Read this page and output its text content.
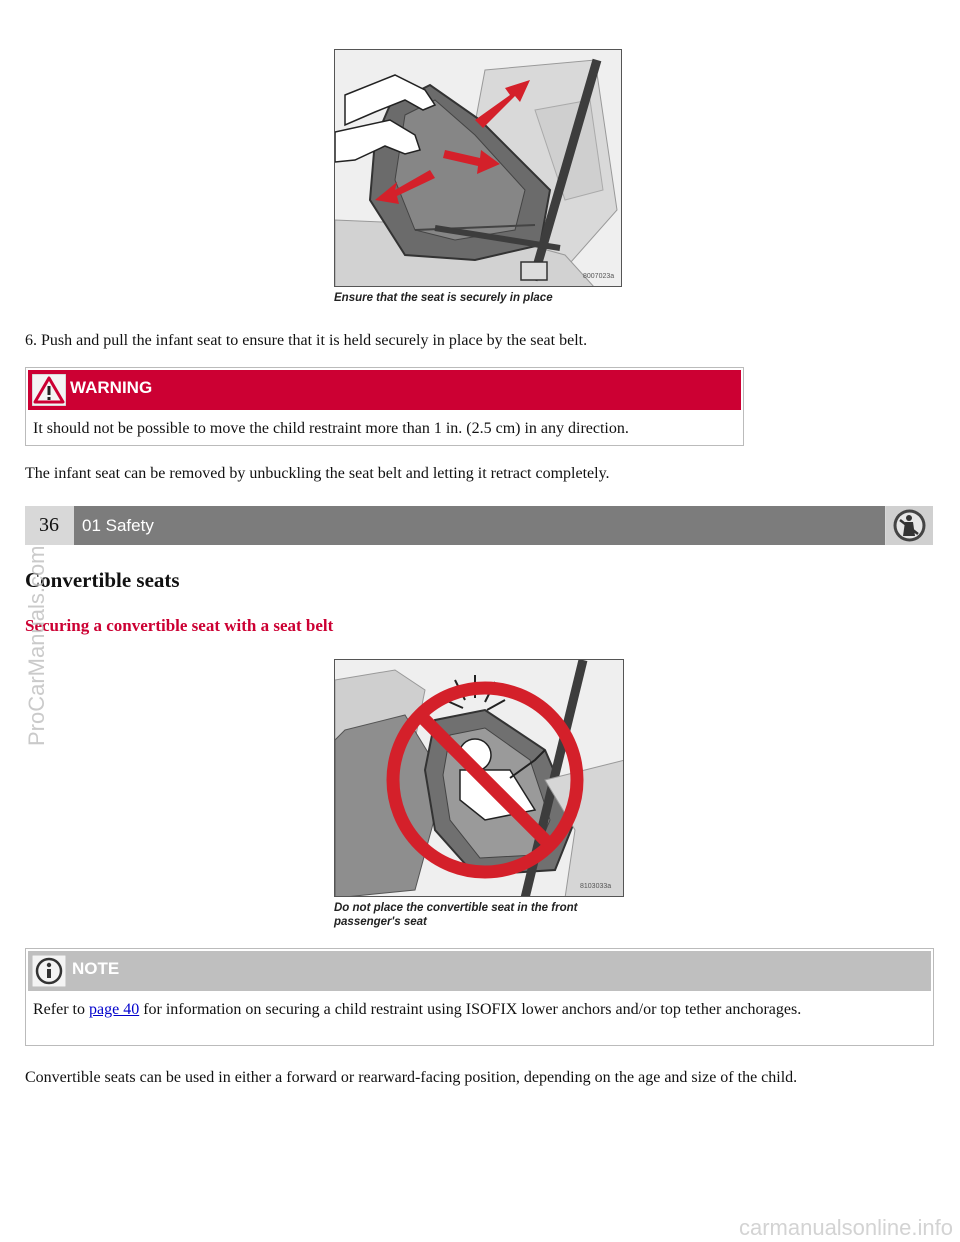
8007023a
Ensure that the seat is securely in place
6. Push and pull the infant seat to ensure that it is held securely in place by the seat belt.
WARNING
It should not be possible to move the child restraint more than 1 in. (2.5 cm) in any direction.
The infant seat can be removed by unbuckling the seat belt and letting it retract completely.
36	01 Safety
Convertible seats
Securing a convertible seat with a seat belt
8103033a
Do not place the convertible seat in the front
passenger's seat
NOTE
Refer to page 40 for information on securing a child restraint using ISOFIX lower anchors and/or top tether anchorages.
Convertible seats can be used in either a forward or rearward-facing position, depending on the age and size of the child.
ProCarManuals.com
carmanualsonline.info
